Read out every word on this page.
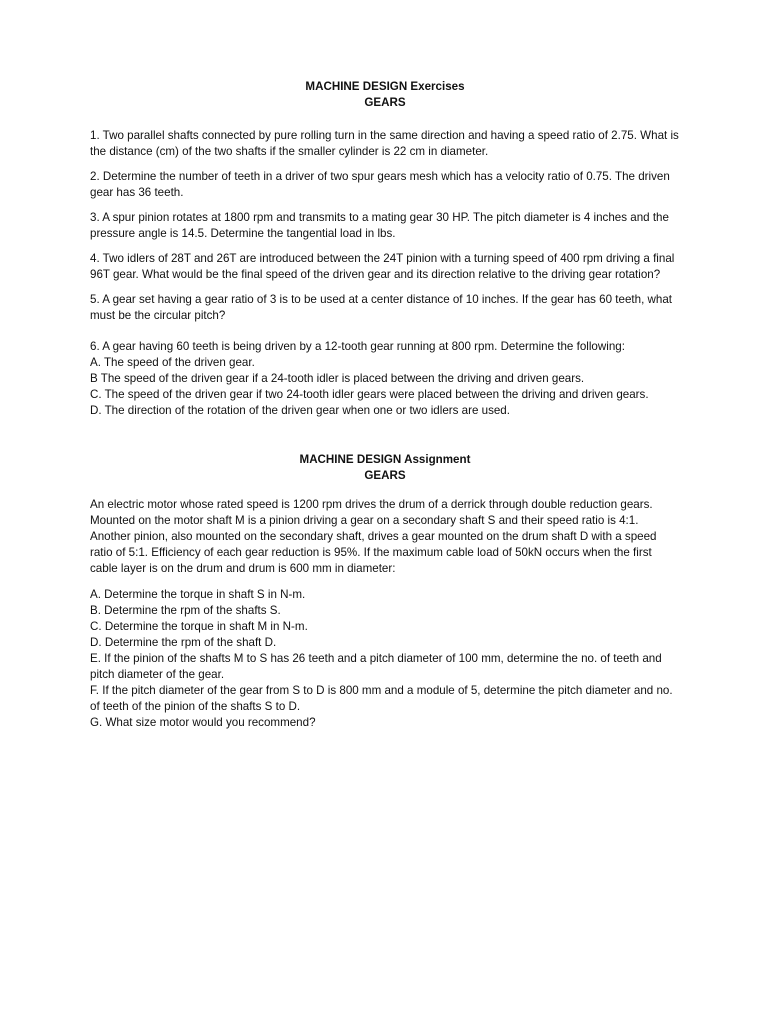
MACHINE DESIGN Exercises
GEARS

1. Two parallel shafts connected by pure rolling turn in the same direction and having a speed ratio of 2.75. What is the distance (cm) of the two shafts if the smaller cylinder is 22 cm in diameter.

2. Determine the number of teeth in a driver of two spur gears mesh which has a velocity ratio of 0.75. The driven gear has 36 teeth.

3. A spur pinion rotates at 1800 rpm and transmits to a mating gear 30 HP. The pitch diameter is 4 inches and the pressure angle is 14.5. Determine the tangential load in lbs.

4. Two idlers of 28T and 26T are introduced between the 24T pinion with a turning speed of 400 rpm driving a final 96T gear. What would be the final speed of the driven gear and its direction relative to the driving gear rotation?

5. A gear set having a gear ratio of 3 is to be used at a center distance of 10 inches. If the gear has 60 teeth, what must be the circular pitch?

6. A gear having 60 teeth is being driven by a 12-tooth gear running at 800 rpm. Determine the following:
A. The speed of the driven gear.
B The speed of the driven gear if a 24-tooth idler is placed between the driving and driven gears.
C. The speed of the driven gear if two 24-tooth idler gears were placed between the driving and driven gears.
D. The direction of the rotation of the driven gear when one or two idlers are used.
MACHINE DESIGN Assignment
GEARS

An electric motor whose rated speed is 1200 rpm drives the drum of a derrick through double reduction gears. Mounted on the motor shaft M is a pinion driving a gear on a secondary shaft S and their speed ratio is 4:1. Another pinion, also mounted on the secondary shaft, drives a gear mounted on the drum shaft D with a speed ratio of 5:1. Efficiency of each gear reduction is 95%. If the maximum cable load of 50kN occurs when the first cable layer is on the drum and drum is 600 mm in diameter:

A. Determine the torque in shaft S in N-m.
B. Determine the rpm of the shafts S.
C. Determine the torque in shaft M in N-m.
D. Determine the rpm of the shaft D.
E. If the pinion of the shafts M to S has 26 teeth and a pitch diameter of 100 mm, determine the no. of teeth and pitch diameter of the gear.
F. If the pitch diameter of the gear from S to D is 800 mm and a module of 5, determine the pitch diameter and no. of teeth of the pinion of the shafts S to D.
G. What size motor would you recommend?
